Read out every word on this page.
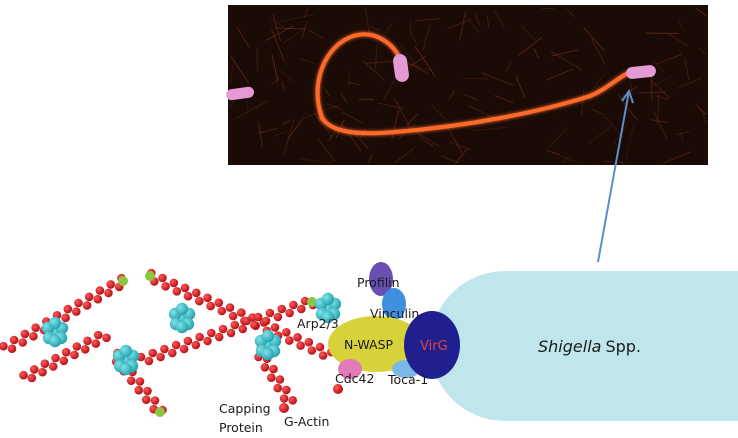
Profilin
Vinculin
Arp2/3
N-WASP VirG
Cdc42 Toca-1
Capping
Protein G-Actin
Shigella Spp.
